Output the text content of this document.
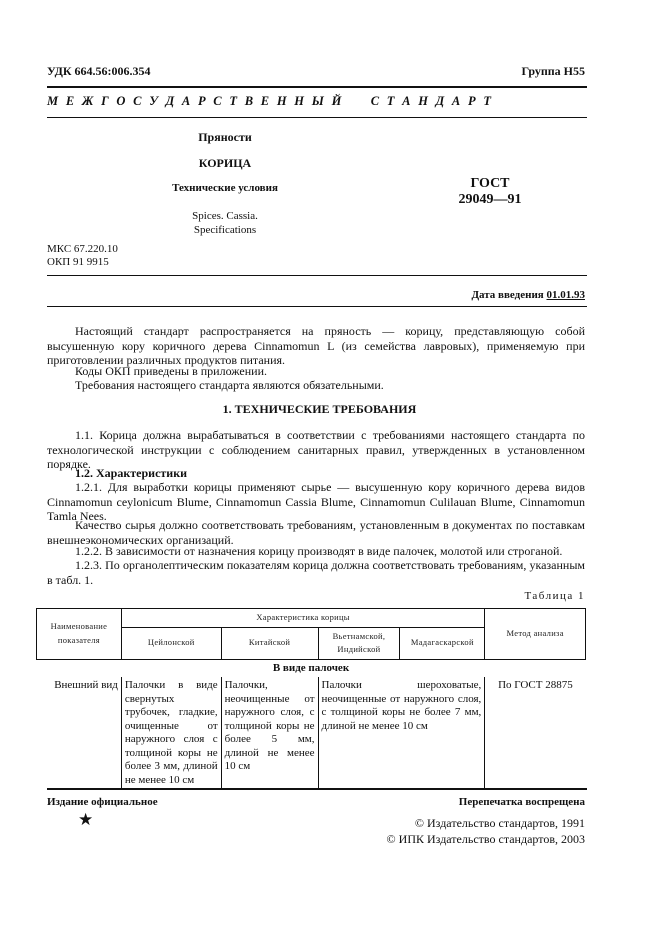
УДК 664.56:006.354	Группа Н55
М Е Ж Г О С У Д А Р С Т В Е Н Н Ы Й     С Т А Н Д А Р Т
Пряности
КОРИЦА
Технические условия
Spices. Cassia.
Specifications
ГОСТ
29049—91
МКС 67.220.10
ОКП 91 9915
Дата введения 01.01.93

Настоящий стандарт распространяется на пряность — корицу, представляющую собой высушенную кору коричного дерева Cinnamomun L (из семейства лавровых), применяемую при приготовлении различных продуктов питания.

Коды ОКП приведены в приложении.

Требования настоящего стандарта являются обязательными.

1. ТЕХНИЧЕСКИЕ ТРЕБОВАНИЯ

1.1. Корица должна вырабатываться в соответствии с требованиями настоящего стандарта по технологической инструкции с соблюдением санитарных правил, утвержденных в установленном порядке.

1.2. Характеристики

1.2.1. Для выработки корицы применяют сырье — высушенную кору коричного дерева видов Cinnamomun ceylonicum Blume, Cinnamomun Cassia Blume, Cinnamomun Culilauan Blume, Cinnamomun Tamla Nees.

Качество сырья должно соответствовать требованиям, установленным в документах по поставкам внешнеэкономических организаций.

1.2.2. В зависимости от назначения корицу производят в виде палочек, молотой или строганой.

1.2.3. По органолептическим показателям корица должна соответствовать требованиям, указанным в табл. 1.

Таблица 1
Наименование показателя	Характеристика корицы				Метод анализа
	Цейлонской	Китайской	Вьетнамской, Индийской	Мадагаскарской	
В виде палочек					
Внешний вид	Палочки в виде свернутых трубочек, гладкие, очищенные от наружного слоя с толщиной коры не более 3 мм, длиной не менее 10 см	Палочки, неочищенные от наружного слоя, с толщиной коры не более 5 мм, длиной не менее 10 см	Палочки шероховатые, неочищенные от наружного слоя, с толщиной коры не более 7 мм, длиной не менее 10 см		По ГОСТ 28875
Издание официальное	Перепечатка воспрещена
★	© Издательство стандартов, 1991
© ИПК Издательство стандартов, 2003
